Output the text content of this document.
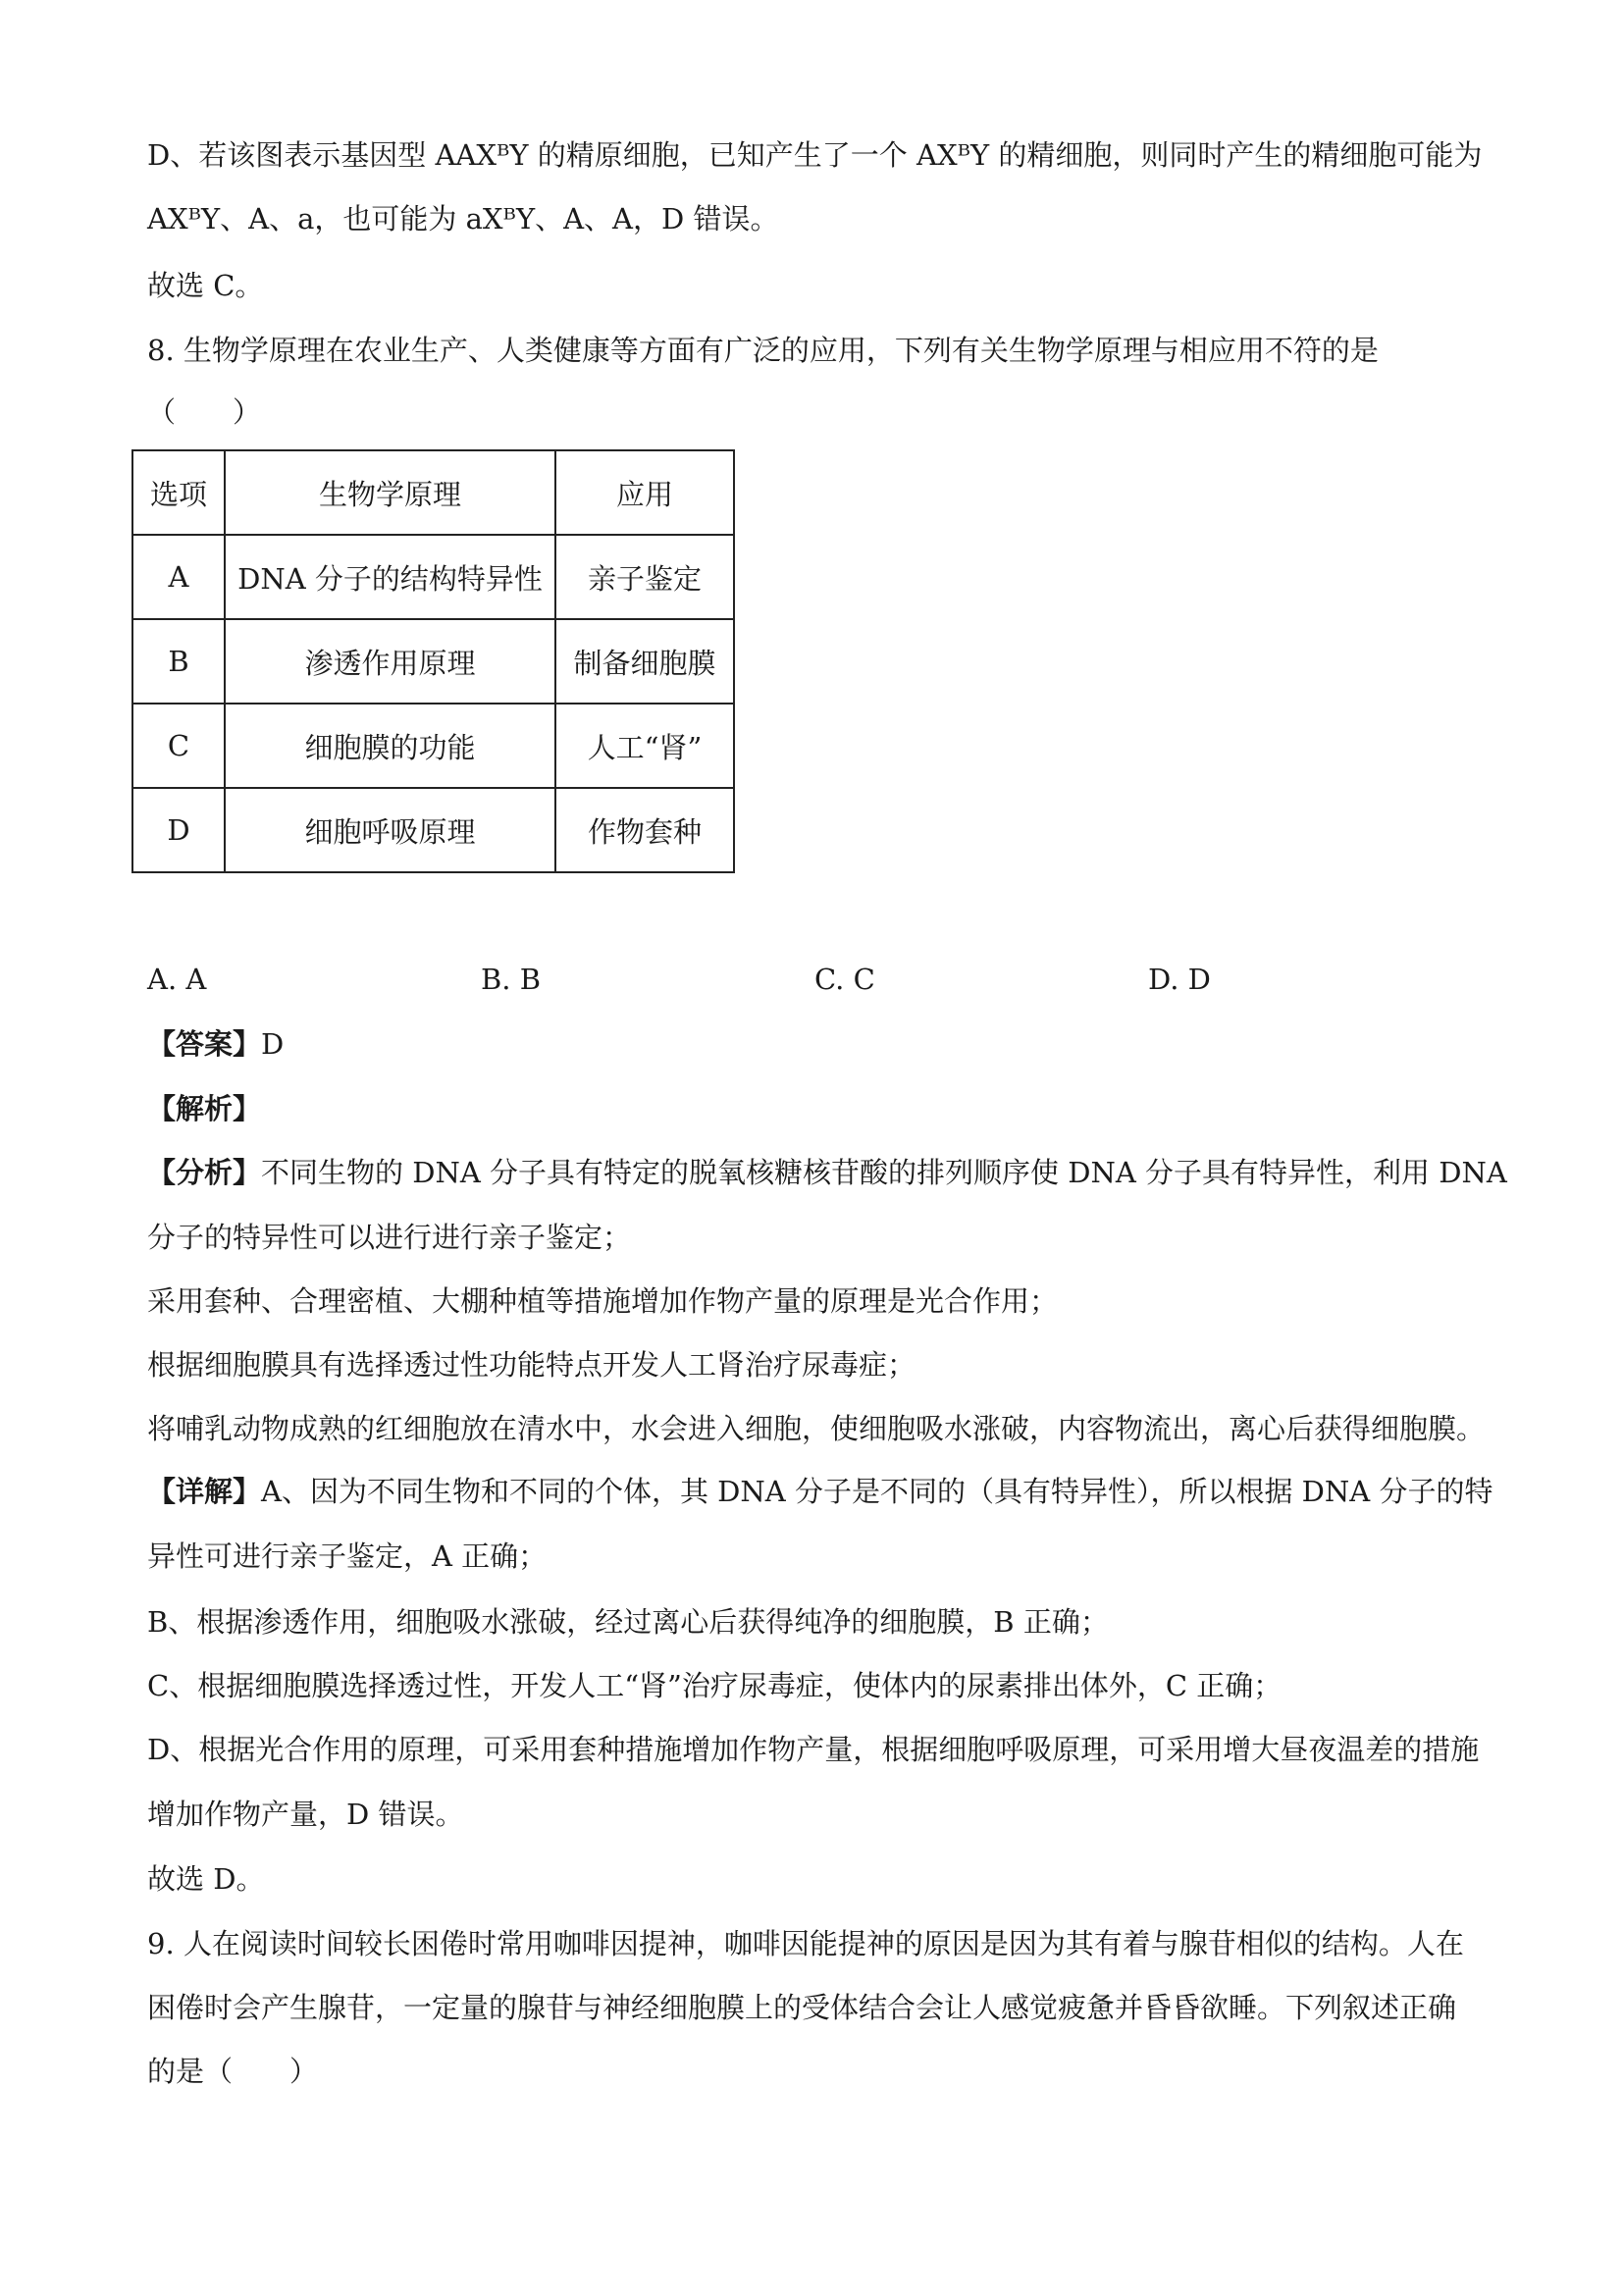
D、若该图表示基因型 AAXᴮY 的精原细胞，已知产生了一个 AXᴮY 的精细胞，则同时产生的精细胞可能为
AXᴮY、A、a，也可能为 aXᴮY、A、A，D 错误。
故选 C。
8. 生物学原理在农业生产、人类健康等方面有广泛的应用，下列有关生物学原理与相应用不符的是
（　　）
选项	生物学原理	应用
A	DNA 分子的结构特异性	亲子鉴定
B	渗透作用原理	制备细胞膜
C	细胞膜的功能	人工“肾”
D	细胞呼吸原理	作物套种
A. A	B. B	C. C	D. D
【答案】D
【解析】
【分析】不同生物的 DNA 分子具有特定的脱氧核糖核苷酸的排列顺序使 DNA 分子具有特异性，利用 DNA
分子的特异性可以进行进行亲子鉴定；
采用套种、合理密植、大棚种植等措施增加作物产量的原理是光合作用；
根据细胞膜具有选择透过性功能特点开发人工肾治疗尿毒症；
将哺乳动物成熟的红细胞放在清水中，水会进入细胞，使细胞吸水涨破，内容物流出，离心后获得细胞膜。
【详解】A、因为不同生物和不同的个体，其 DNA 分子是不同的（具有特异性），所以根据 DNA 分子的特
异性可进行亲子鉴定，A 正确；
B、根据渗透作用，细胞吸水涨破，经过离心后获得纯净的细胞膜，B 正确；
C、根据细胞膜选择透过性，开发人工“肾”治疗尿毒症，使体内的尿素排出体外，C 正确；
D、根据光合作用的原理，可采用套种措施增加作物产量，根据细胞呼吸原理，可采用增大昼夜温差的措施
增加作物产量，D 错误。
故选 D。
9. 人在阅读时间较长困倦时常用咖啡因提神，咖啡因能提神的原因是因为其有着与腺苷相似的结构。人在
困倦时会产生腺苷，一定量的腺苷与神经细胞膜上的受体结合会让人感觉疲惫并昏昏欲睡。下列叙述正确
的是（　　）
